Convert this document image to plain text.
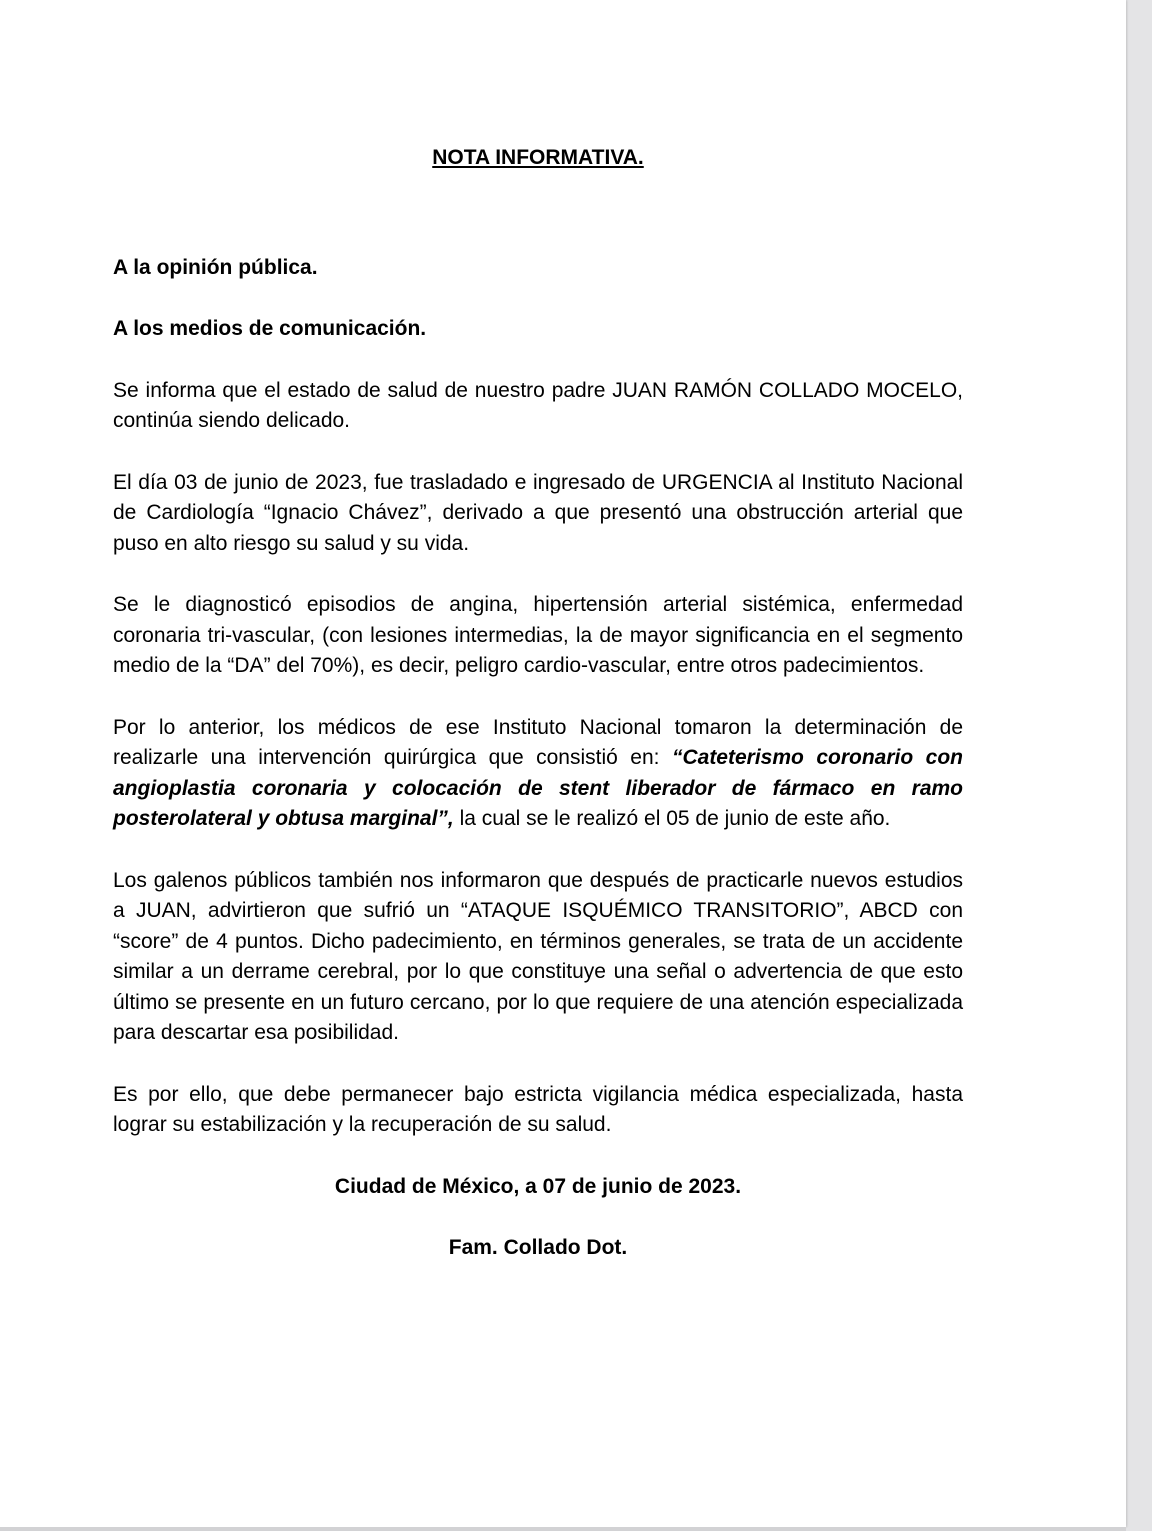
NOTA INFORMATIVA.

A la opinión pública.

A los medios de comunicación.

Se informa que el estado de salud de nuestro padre JUAN RAMÓN COLLADO MOCELO, continúa siendo delicado.

El día 03 de junio de 2023, fue trasladado e ingresado de URGENCIA al Instituto Nacional de Cardiología “Ignacio Chávez”, derivado a que presentó una obstrucción arterial que puso en alto riesgo su salud y su vida.

Se le diagnosticó episodios de angina, hipertensión arterial sistémica, enfermedad coronaria tri-vascular, (con lesiones intermedias, la de mayor significancia en el segmento medio de la “DA” del 70%), es decir, peligro cardio-vascular, entre otros padecimientos.

Por lo anterior, los médicos de ese Instituto Nacional tomaron la determinación de realizarle una intervención quirúrgica que consistió en: “Cateterismo coronario con angioplastia coronaria y colocación de stent liberador de fármaco en ramo posterolateral y obtusa marginal”, la cual se le realizó el 05 de junio de este año.

Los galenos públicos también nos informaron que después de practicarle nuevos estudios a JUAN, advirtieron que sufrió un “ATAQUE ISQUÉMICO TRANSITORIO”, ABCD con “score” de 4 puntos. Dicho padecimiento, en términos generales, se trata de un accidente similar a un derrame cerebral, por lo que constituye una señal o advertencia de que esto último se presente en un futuro cercano, por lo que requiere de una atención especializada para descartar esa posibilidad.

Es por ello, que debe permanecer bajo estricta vigilancia médica especializada, hasta lograr su estabilización y la recuperación de su salud.

Ciudad de México, a 07 de junio de 2023.

Fam. Collado Dot.
